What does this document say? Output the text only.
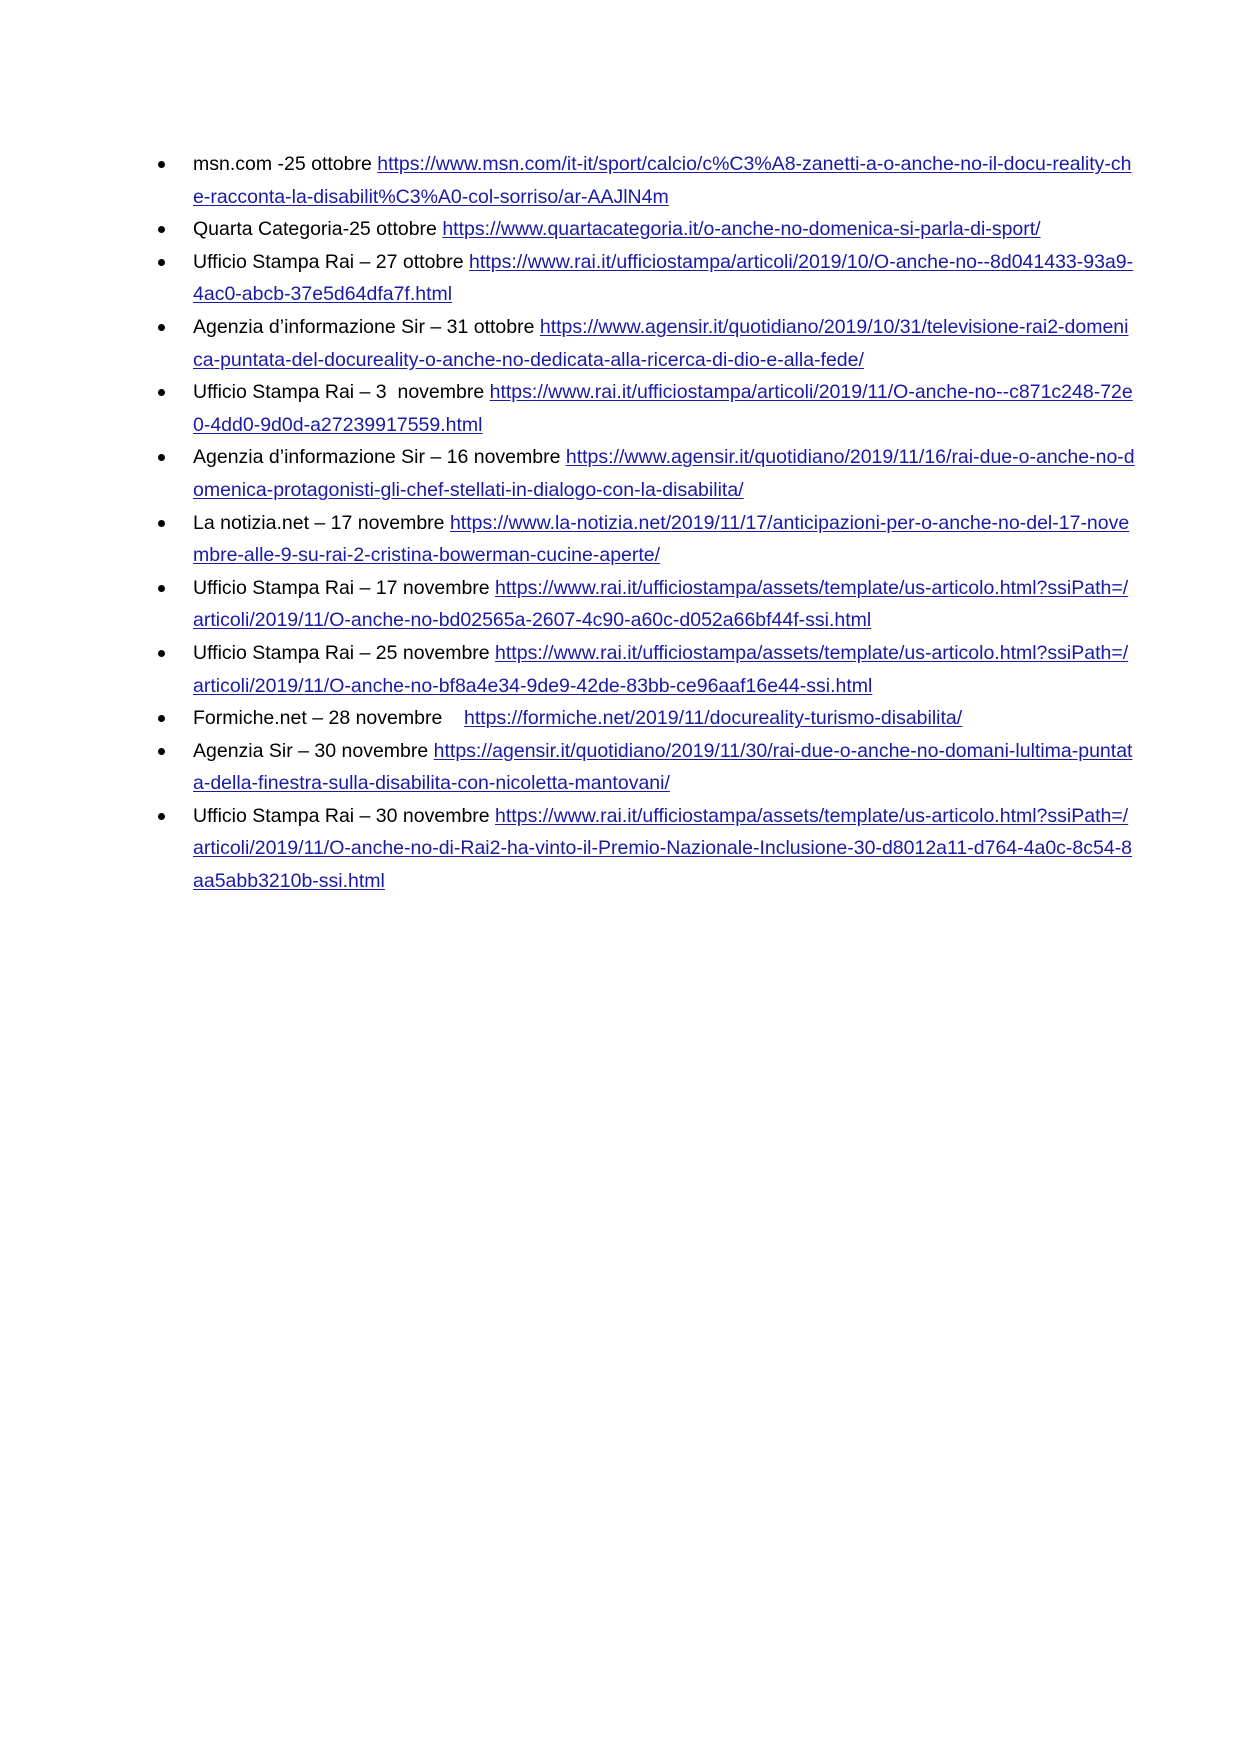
msn.com -25 ottobre https://www.msn.com/it-it/sport/calcio/c%C3%A8-zanetti-a-o-anche-no-il-docu-reality-che-racconta-la-disabilit%C3%A0-col-sorriso/ar-AAJlN4m
Quarta Categoria-25 ottobre https://www.quartacategoria.it/o-anche-no-domenica-si-parla-di-sport/
Ufficio Stampa Rai – 27 ottobre https://www.rai.it/ufficiostampa/articoli/2019/10/O-anche-no--8d041433-93a9-4ac0-abcb-37e5d64dfa7f.html
Agenzia d’informazione Sir – 31 ottobre https://www.agensir.it/quotidiano/2019/10/31/televisione-rai2-domenica-puntata-del-docureality-o-anche-no-dedicata-alla-ricerca-di-dio-e-alla-fede/
Ufficio Stampa Rai – 3  novembre https://www.rai.it/ufficiostampa/articoli/2019/11/O-anche-no--c871c248-72e0-4dd0-9d0d-a27239917559.html
Agenzia d’informazione Sir – 16 novembre https://www.agensir.it/quotidiano/2019/11/16/rai-due-o-anche-no-domenica-protagonisti-gli-chef-stellati-in-dialogo-con-la-disabilita/
La notizia.net – 17 novembre https://www.la-notizia.net/2019/11/17/anticipazioni-per-o-anche-no-del-17-novembre-alle-9-su-rai-2-cristina-bowerman-cucine-aperte/
Ufficio Stampa Rai – 17 novembre https://www.rai.it/ufficiostampa/assets/template/us-articolo.html?ssiPath=/articoli/2019/11/O-anche-no-bd02565a-2607-4c90-a60c-d052a66bf44f-ssi.html
Ufficio Stampa Rai – 25 novembre https://www.rai.it/ufficiostampa/assets/template/us-articolo.html?ssiPath=/articoli/2019/11/O-anche-no-bf8a4e34-9de9-42de-83bb-ce96aaf16e44-ssi.html
Formiche.net – 28 novembre https://formiche.net/2019/11/docureality-turismo-disabilita/
Agenzia Sir – 30 novembre https://agensir.it/quotidiano/2019/11/30/rai-due-o-anche-no-domani-lultima-puntata-della-finestra-sulla-disabilita-con-nicoletta-mantovani/
Ufficio Stampa Rai – 30 novembre https://www.rai.it/ufficiostampa/assets/template/us-articolo.html?ssiPath=/articoli/2019/11/O-anche-no-di-Rai2-ha-vinto-il-Premio-Nazionale-Inclusione-30-d8012a11-d764-4a0c-8c54-8aa5abb3210b-ssi.html
